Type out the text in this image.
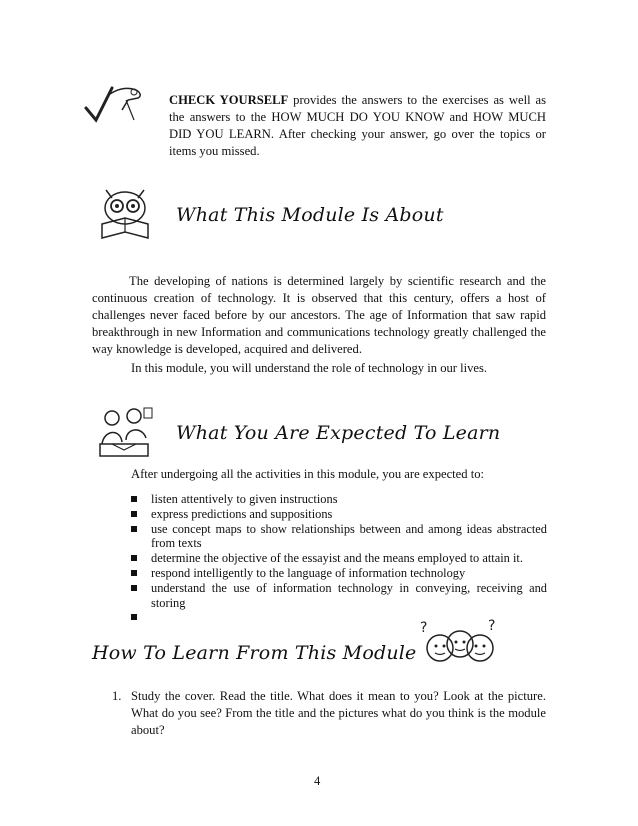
CHECK YOURSELF provides the answers to the exercises as well as the answers to the HOW MUCH DO YOU KNOW and HOW MUCH DID YOU LEARN. After checking your answer, go over the topics or items you missed.
What This Module Is About
The developing of nations is determined largely by scientific research and the continuous creation of technology. It is observed that this century, offers a host of challenges never faced before by our ancestors. The age of Information that saw rapid breakthrough in new Information and communications technology greatly challenged the way knowledge is developed, acquired and delivered.
In this module, you will understand the role of technology in our lives.
What You Are Expected To Learn
After undergoing all the activities in this module, you are expected to:
listen attentively to given instructions
express predictions and suppositions
use concept maps to show relationships between and among ideas abstracted from texts
determine the objective of the essayist and the means employed to attain it.
respond intelligently to the language of information technology
understand the use of information technology in conveying, receiving and storing
How To Learn From This Module
?	?
1. Study the cover. Read the title. What does it mean to you? Look at the picture. What do you see? From the title and the pictures what do you think is the module about?
4
